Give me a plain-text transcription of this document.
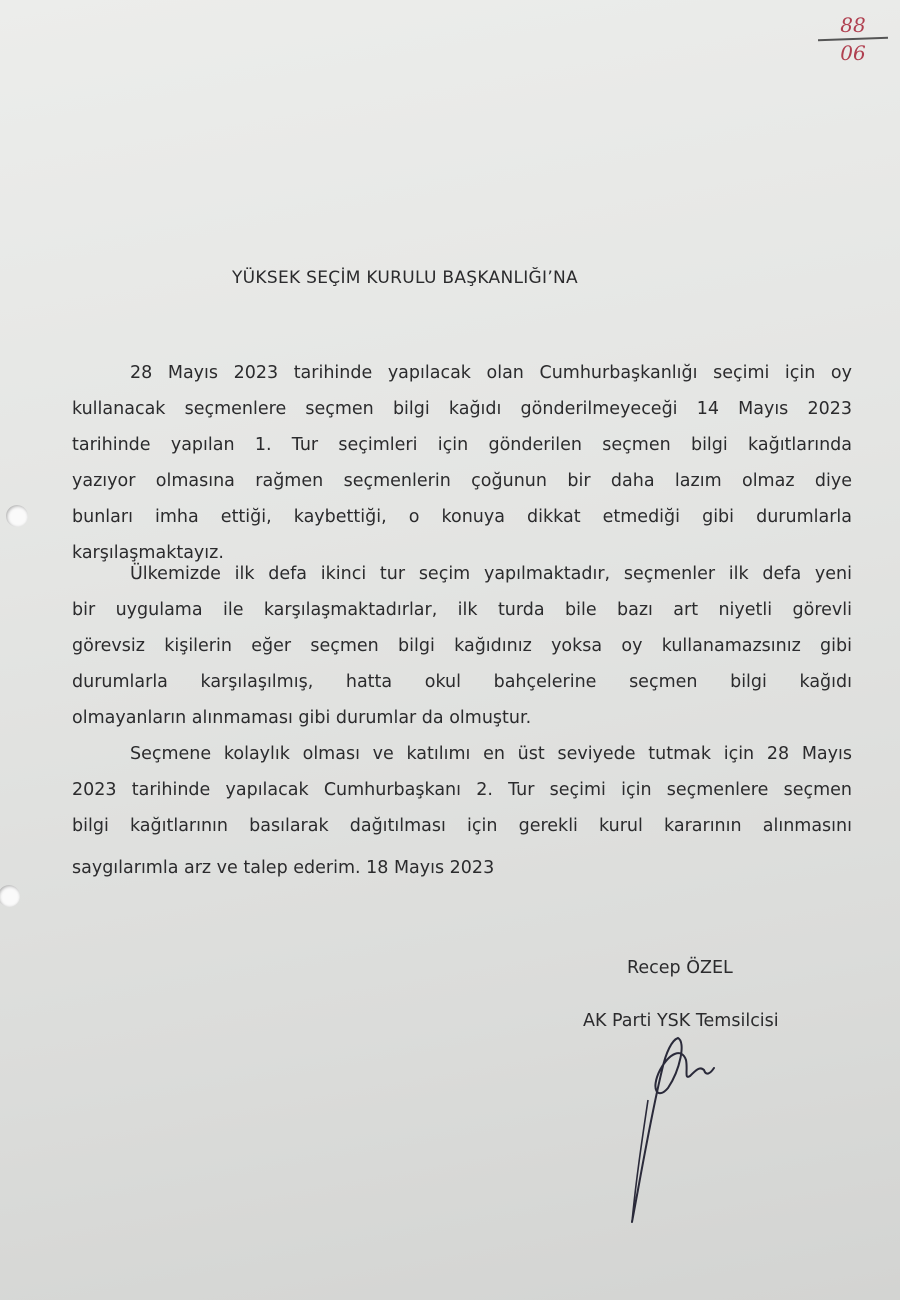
88
06
YÜKSEK SEÇİM KURULU BAŞKANLIĞI’NA
28 Mayıs 2023 tarihinde yapılacak olan Cumhurbaşkanlığı seçimi için oy
kullanacak seçmenlere seçmen bilgi kağıdı gönderilmeyeceği 14 Mayıs 2023
tarihinde yapılan 1. Tur seçimleri için gönderilen seçmen bilgi kağıtlarında
yazıyor olmasına rağmen seçmenlerin çoğunun bir daha lazım olmaz diye
bunları imha ettiği, kaybettiği, o konuya dikkat etmediği gibi durumlarla
karşılaşmaktayız.
Ülkemizde ilk defa ikinci tur seçim yapılmaktadır, seçmenler ilk defa yeni
bir uygulama ile karşılaşmaktadırlar, ilk turda bile bazı art niyetli görevli
görevsiz kişilerin eğer seçmen bilgi kağıdınız yoksa oy kullanamazsınız gibi
durumlarla karşılaşılmış, hatta okul bahçelerine seçmen bilgi kağıdı
olmayanların alınmaması gibi durumlar da olmuştur.
Seçmene kolaylık olması ve katılımı en üst seviyede tutmak için 28 Mayıs
2023 tarihinde yapılacak Cumhurbaşkanı 2. Tur seçimi için seçmenlere seçmen
bilgi kağıtlarının basılarak dağıtılması için gerekli kurul kararının alınmasını
saygılarımla arz ve talep ederim. 18 Mayıs 2023
Recep ÖZEL
AK Parti YSK Temsilcisi
